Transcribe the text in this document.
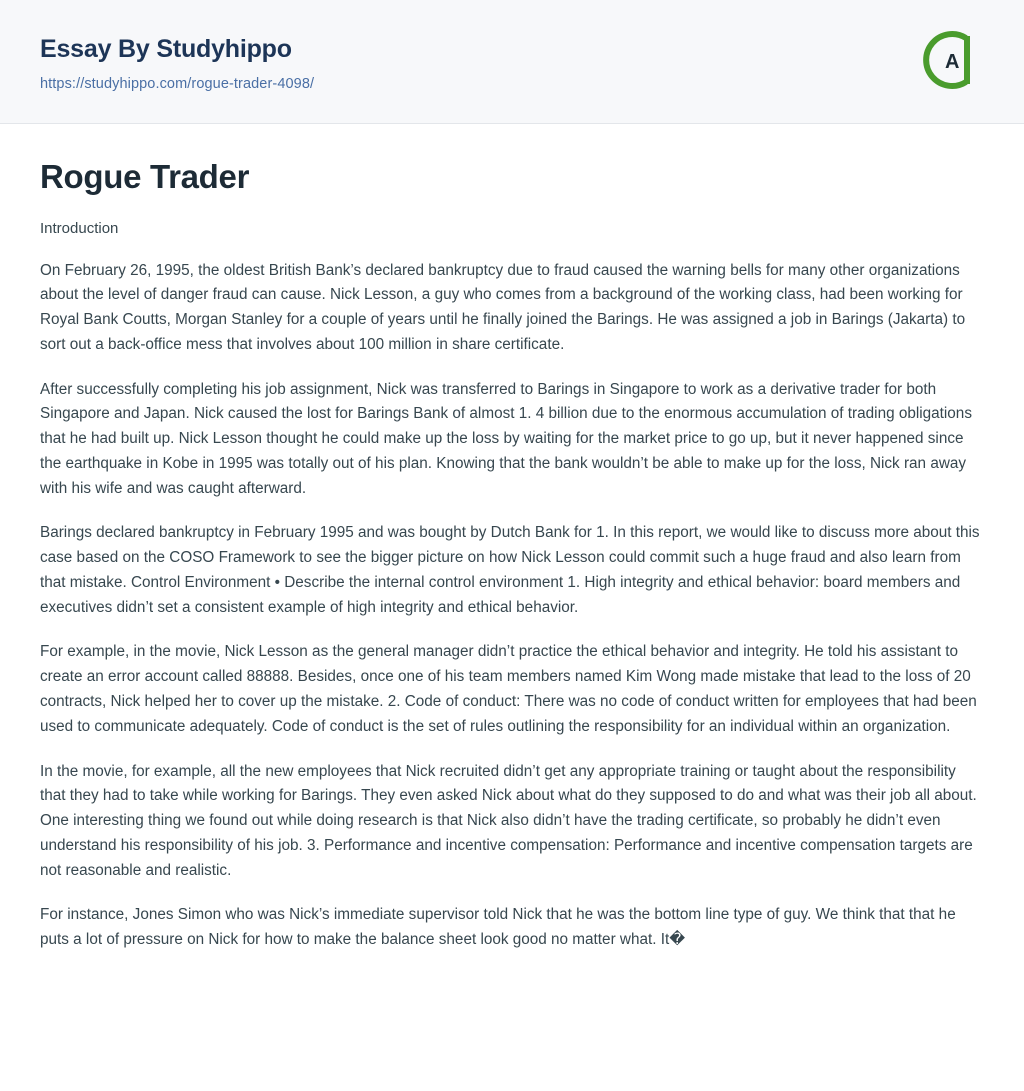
Essay By Studyhippo
https://studyhippo.com/rogue-trader-4098/
A
Rogue Trader

Introduction

On February 26, 1995, the oldest British Bank’s declared bankruptcy due to fraud caused the warning bells for many other organizations about the level of danger fraud can cause. Nick Lesson, a guy who comes from a background of the working class, had been working for Royal Bank Coutts, Morgan Stanley for a couple of years until he finally joined the Barings. He was assigned a job in Barings (Jakarta) to sort out a back-office mess that involves about 100 million in share certificate.

After successfully completing his job assignment, Nick was transferred to Barings in Singapore to work as a derivative trader for both Singapore and Japan. Nick caused the lost for Barings Bank of almost 1. 4 billion due to the enormous accumulation of trading obligations that he had built up. Nick Lesson thought he could make up the loss by waiting for the market price to go up, but it never happened since the earthquake in Kobe in 1995 was totally out of his plan. Knowing that the bank wouldn’t be able to make up for the loss, Nick ran away with his wife and was caught afterward.

Barings declared bankruptcy in February 1995 and was bought by Dutch Bank for 1. In this report, we would like to discuss more about this case based on the COSO Framework to see the bigger picture on how Nick Lesson could commit such a huge fraud and also learn from that mistake. Control Environment • Describe the internal control environment 1. High integrity and ethical behavior: board members and executives didn’t set a consistent example of high integrity and ethical behavior.

For example, in the movie, Nick Lesson as the general manager didn’t practice the ethical behavior and integrity. He told his assistant to create an error account called 88888. Besides, once one of his team members named Kim Wong made mistake that lead to the loss of 20 contracts, Nick helped her to cover up the mistake. 2. Code of conduct: There was no code of conduct written for employees that had been used to communicate adequately. Code of conduct is the set of rules outlining the responsibility for an individual within an organization.

In the movie, for example, all the new employees that Nick recruited didn’t get any appropriate training or taught about the responsibility that they had to take while working for Barings. They even asked Nick about what do they supposed to do and what was their job all about. One interesting thing we found out while doing research is that Nick also didn’t have the trading certificate, so probably he didn’t even understand his responsibility of his job. 3. Performance and incentive compensation: Performance and incentive compensation targets are not reasonable and realistic.

For instance, Jones Simon who was Nick’s immediate supervisor told Nick that he was the bottom line type of guy. We think that that he puts a lot of pressure on Nick for how to make the balance sheet look good no matter what. It�
